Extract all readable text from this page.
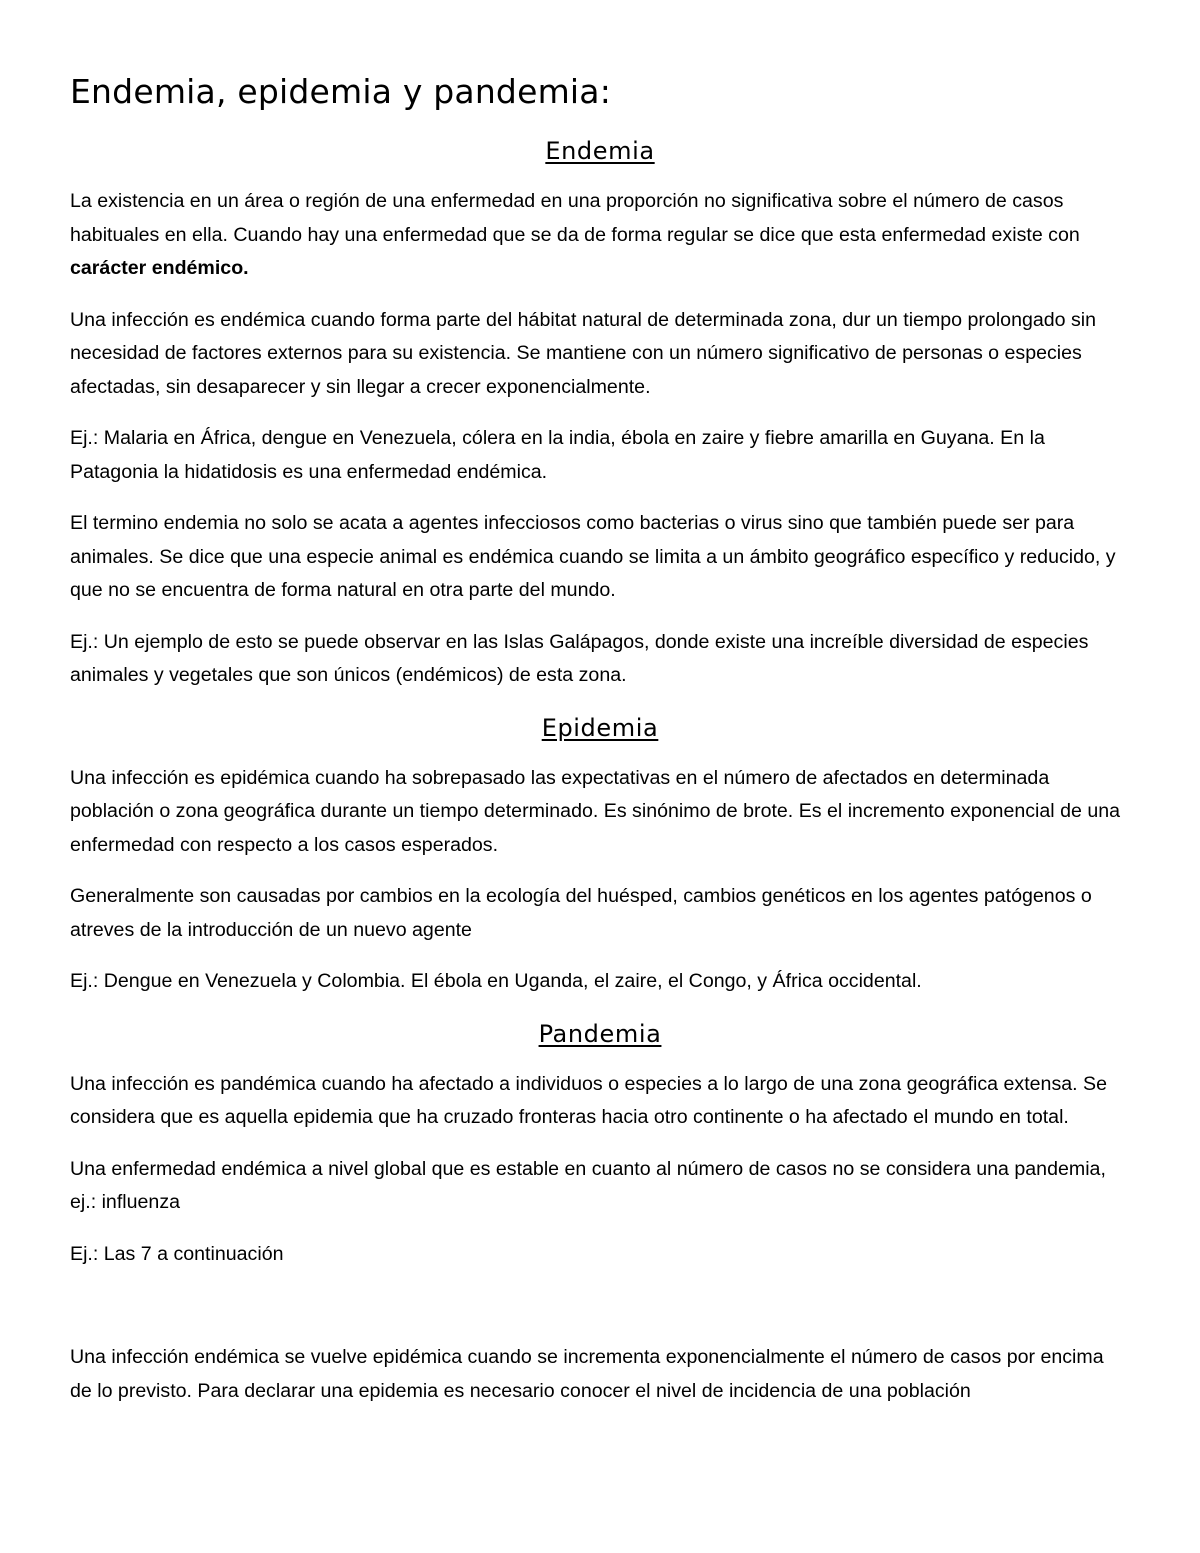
Endemia, epidemia y pandemia:
Endemia

La existencia en un área o región de una enfermedad en una proporción no significativa sobre el número de casos habituales en ella. Cuando hay una enfermedad que se da de forma regular se dice que esta enfermedad existe con carácter endémico.

Una infección es endémica cuando forma parte del hábitat natural de determinada zona, dur un tiempo prolongado sin necesidad de factores externos para su existencia. Se mantiene con un número significativo de personas o especies afectadas, sin desaparecer y sin llegar a crecer exponencialmente.

Ej.: Malaria en África, dengue en Venezuela, cólera en la india, ébola en zaire y fiebre amarilla en Guyana. En la Patagonia la hidatidosis es una enfermedad endémica.

El termino endemia no solo se acata a agentes infecciosos como bacterias o virus sino que también puede ser para animales. Se dice que una especie animal es endémica cuando se limita a un ámbito geográfico específico y reducido, y que no se encuentra de forma natural en otra parte del mundo.

Ej.: Un ejemplo de esto se puede observar en las Islas Galápagos, donde existe una increíble diversidad de especies animales y vegetales que son únicos (endémicos) de esta zona.

Epidemia

Una infección es epidémica cuando ha sobrepasado las expectativas en el número de afectados en determinada población o zona geográfica durante un tiempo determinado. Es sinónimo de brote. Es el incremento exponencial de una enfermedad con respecto a los casos esperados.

Generalmente son causadas por cambios en la ecología del huésped, cambios genéticos en los agentes patógenos o atreves de la introducción de un nuevo agente

Ej.: Dengue en Venezuela y Colombia. El ébola en Uganda, el zaire, el Congo, y África occidental.

Pandemia

Una infección es pandémica cuando ha afectado a individuos o especies a lo largo de una zona geográfica extensa. Se considera que es aquella epidemia que ha cruzado fronteras hacia otro continente o ha afectado el mundo en total.

Una enfermedad endémica a nivel global que es estable en cuanto al número de casos no se considera una pandemia, ej.: influenza

Ej.: Las 7 a continuación

Una infección endémica se vuelve epidémica cuando se incrementa exponencialmente el número de casos por encima de lo previsto. Para declarar una epidemia es necesario conocer el nivel de incidencia de una población
